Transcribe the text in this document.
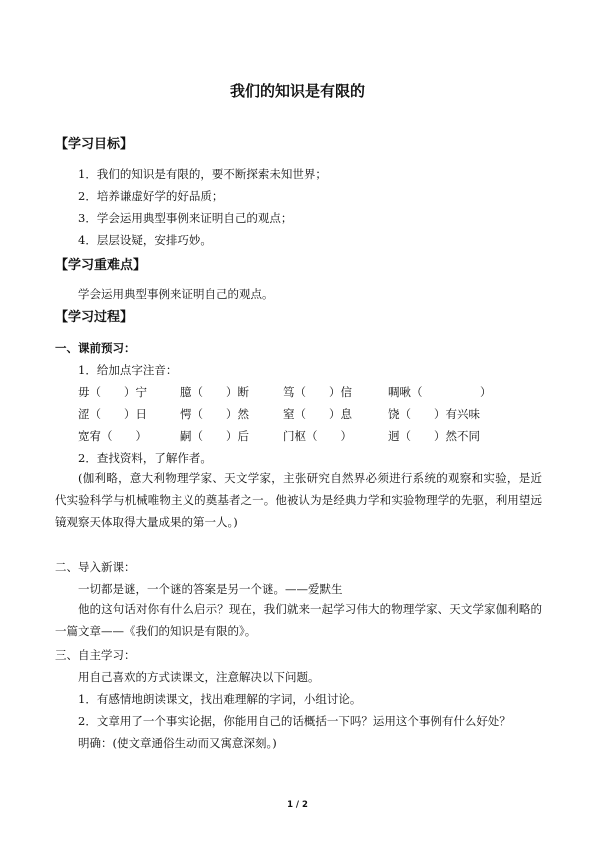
我们的知识是有限的
【学习目标】
1．我们的知识是有限的，要不断探索未知世界；
2．培养谦虚好学的好品质；
3．学会运用典型事例来证明自己的观点；
4．层层设疑，安排巧妙。
【学习重难点】
学会运用典型事例来证明自己的观点。
【学习过程】
一、课前预习：
1．给加点字注音：
毋（　　）宁	臆（　　）断	笃（　　）信	啁啾（　　　　　）
涩（　　）日	愕（　　）然	窒（　　）息	饶（　　）有兴味
宽宥（　　）	嗣（　　）后	门枢（　　）	迥（　　）然不同
2．查找资料，了解作者。
(伽利略，意大利物理学家、天文学家，主张研究自然界必须进行系统的观察和实验，是近代实验科学与机械唯物主义的奠基者之一。他被认为是经典力学和实验物理学的先驱，利用望远镜观察天体取得大量成果的第一人。)
二、导入新课：
一切都是谜，一个谜的答案是另一个谜。——爱默生
他的这句话对你有什么启示？现在，我们就来一起学习伟大的物理学家、天文学家伽利略的一篇文章——《我们的知识是有限的》。
三、自主学习：
用自己喜欢的方式读课文，注意解决以下问题。
1．有感情地朗读课文，找出难理解的字词，小组讨论。
2．文章用了一个事实论据，你能用自己的话概括一下吗？运用这个事例有什么好处？
明确：(使文章通俗生动而又寓意深刻。)
1 / 2
